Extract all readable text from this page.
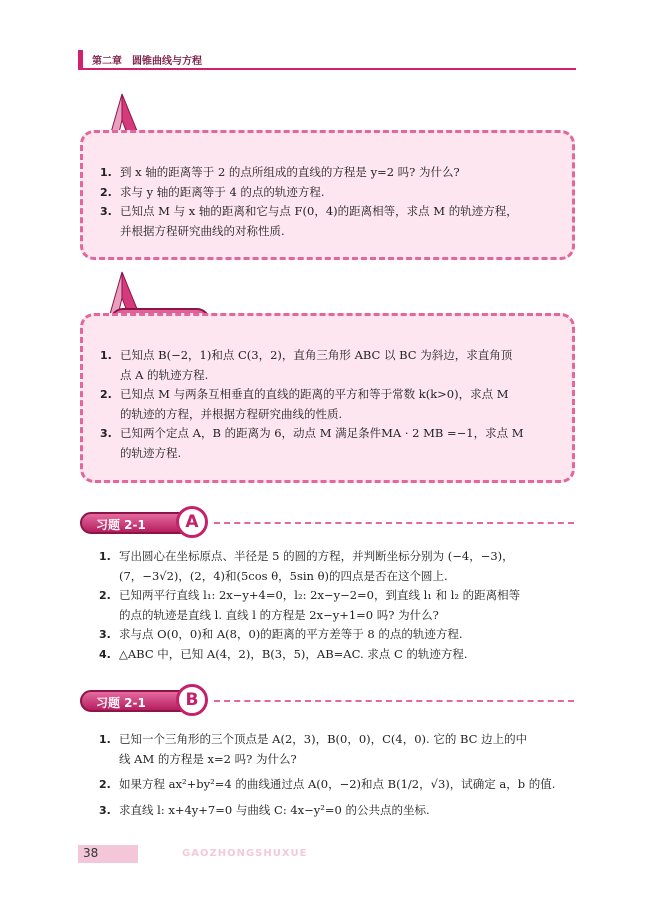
第二章　圆锥曲线与方程
1. 到 x 轴的距离等于 2 的点所组成的直线的方程是 y=2 吗? 为什么?
2. 求与 y 轴的距离等于 4 的点的轨迹方程.
3. 已知点 M 与 x 轴的距离和它与点 F(0，4)的距离相等，求点 M 的轨迹方程，
并根据方程研究曲线的对称性质.
1. 已知点 B(−2，1)和点 C(3，2)，直角三角形 ABC 以 BC 为斜边，求直角顶
点 A 的轨迹方程.
2. 已知点 M 与两条互相垂直的直线的距离的平方和等于常数 k(k>0)，求点 M
的轨迹的方程，并根据方程研究曲线的性质.
3. 已知两个定点 A，B 的距离为 6，动点 M 满足条件MA · 2 MB =−1，求点 M
的轨迹方程.
习题 2-1	A
1. 写出圆心在坐标原点、半径是 5 的圆的方程，并判断坐标分别为 (−4，−3)，
(7，−3√2)，(2，4)和(5cos θ，5sin θ)的四点是否在这个圆上.
2. 已知两平行直线 l₁: 2x−y+4=0，l₂: 2x−y−2=0，到直线 l₁ 和 l₂ 的距离相等
的点的轨迹是直线 l. 直线 l 的方程是 2x−y+1=0 吗? 为什么?
3. 求与点 O(0，0)和 A(8，0)的距离的平方差等于 8 的点的轨迹方程.
4. △ABC 中，已知 A(4，2)，B(3，5)，AB=AC. 求点 C 的轨迹方程.
习题 2-1	B
1. 已知一个三角形的三个顶点是 A(2，3)，B(0，0)，C(4，0). 它的 BC 边上的中
线 AM 的方程是 x=2 吗? 为什么?
2. 如果方程 ax²+by²=4 的曲线通过点 A(0，−2)和点 B(1/2，√3)，试确定 a，b 的值.
3. 求直线 l: x+4y+7=0 与曲线 C: 4x−y²=0 的公共点的坐标.
38	GAOZHONGSHUXUE
